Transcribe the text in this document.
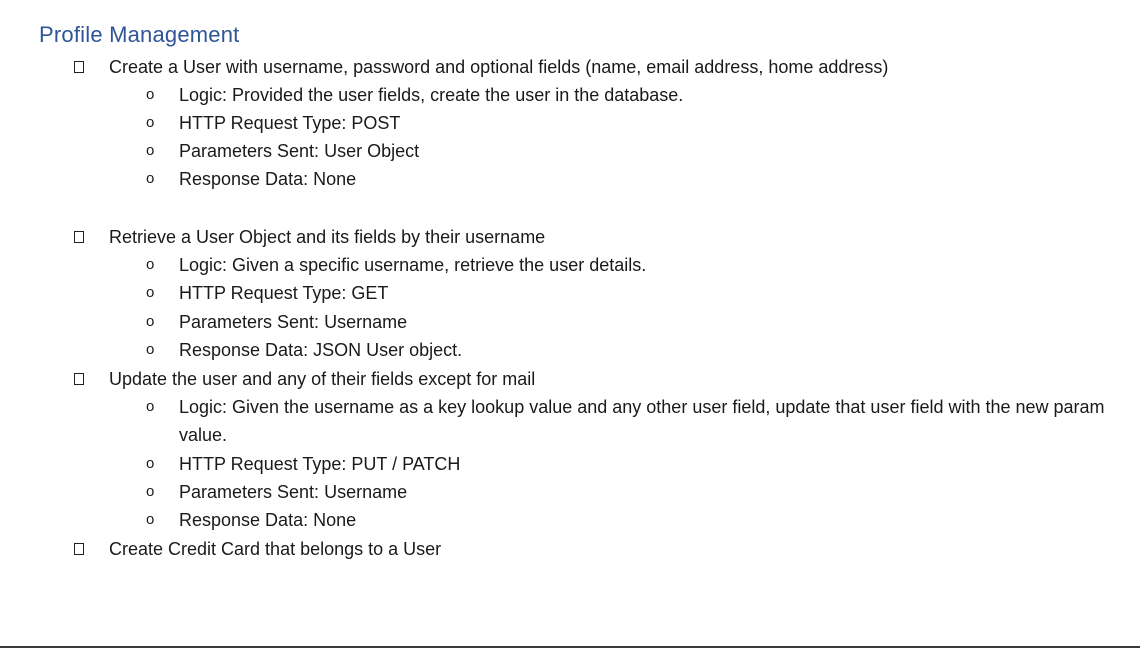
Profile Management
Create a User with username, password and optional fields (name, email address, home address)
o Logic: Provided the user fields, create the user in the database.
o HTTP Request Type: POST
o Parameters Sent: User Object
o Response Data: None
Retrieve a User Object and its fields by their username
o Logic: Given a specific username, retrieve the user details.
o HTTP Request Type: GET
o Parameters Sent: Username
o Response Data: JSON User object.
Update the user and any of their fields except for mail
o Logic: Given the username as a key lookup value and any other user field, update that user field with the new param value.
o HTTP Request Type: PUT / PATCH
o Parameters Sent: Username
o Response Data: None
Create Credit Card that belongs to a User
